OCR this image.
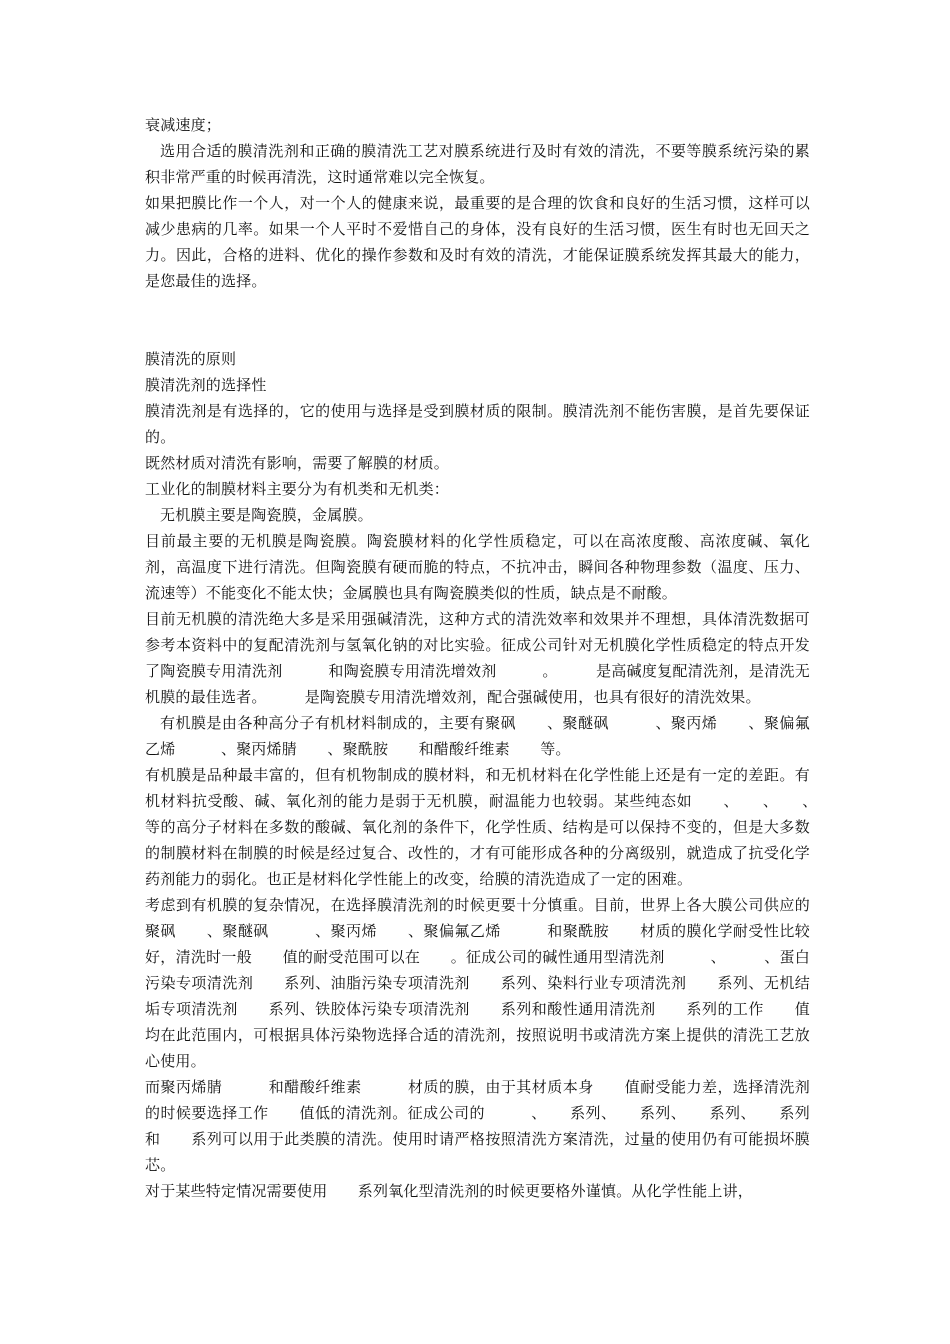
衰减速度；

选用合适的膜清洗剂和正确的膜清洗工艺对膜系统进行及时有效的清洗，不要等膜系统污染的累积非常严重的时候再清洗，这时通常难以完全恢复。

如果把膜比作一个人，对一个人的健康来说，最重要的是合理的饮食和良好的生活习惯，这样可以减少患病的几率。如果一个人平时不爱惜自己的身体，没有良好的生活习惯，医生有时也无回天之力。因此，合格的进料、优化的操作参数和及时有效的清洗，才能保证膜系统发挥其最大的能力，是您最佳的选择。

膜清洗的原则

膜清洗剂的选择性

膜清洗剂是有选择的，它的使用与选择是受到膜材质的限制。膜清洗剂不能伤害膜，是首先要保证的。

既然材质对清洗有影响，需要了解膜的材质。

工业化的制膜材料主要分为有机类和无机类：

无机膜主要是陶瓷膜，金属膜。

目前最主要的无机膜是陶瓷膜。陶瓷膜材料的化学性质稳定，可以在高浓度酸、高浓度碱、氧化剂，高温度下进行清洗。但陶瓷膜有硬而脆的特点，不抗冲击，瞬间各种物理参数（温度、压力、流速等）不能变化不能太快；金属膜也具有陶瓷膜类似的性质，缺点是不耐酸。

目前无机膜的清洗绝大多是采用强碱清洗，这种方式的清洗效率和效果并不理想，具体清洗数据可参考本资料中的复配清洗剂与氢氧化钠的对比实验。征成公司针对无机膜化学性质稳定的特点开发了陶瓷膜专用清洗剂　　　和陶瓷膜专用清洗增效剂　　　。　　　是高碱度复配清洗剂，是清洗无机膜的最佳选者。　　　是陶瓷膜专用清洗增效剂，配合强碱使用，也具有很好的清洗效果。

有机膜是由各种高分子有机材料制成的，主要有聚砜　　、聚醚砜　　　、聚丙烯　　、聚偏氟乙烯　　　、聚丙烯腈　　、聚酰胺　　和醋酸纤维素　　等。

有机膜是品种最丰富的，但有机物制成的膜材料，和无机材料在化学性能上还是有一定的差距。有机材料抗受酸、碱、氧化剂的能力是弱于无机膜，耐温能力也较弱。某些纯态如　　、　　、　　、　　　等的高分子材料在多数的酸碱、氧化剂的条件下，化学性质、结构是可以保持不变的，但是大多数的制膜材料在制膜的时候是经过复合、改性的，才有可能形成各种的分离级别，就造成了抗受化学药剂能力的弱化。也正是材料化学性能上的改变，给膜的清洗造成了一定的困难。

考虑到有机膜的复杂情况，在选择膜清洗剂的时候更要十分慎重。目前，世界上各大膜公司供应的聚砜　　、聚醚砜　　　、聚丙烯　　、聚偏氟乙烯　　　和聚酰胺　　材质的膜化学耐受性比较好，清洗时一般　　值的耐受范围可以在　　。征成公司的碱性通用型清洗剂　　　、　　　、蛋白污染专项清洗剂　　系列、油脂污染专项清洗剂　　系列、染料行业专项清洗剂　　系列、无机结垢专项清洗剂　　系列、铁胶体污染专项清洗剂　　系列和酸性通用清洗剂　　系列的工作　　值均在此范围内，可根据具体污染物选择合适的清洗剂，按照说明书或清洗方案上提供的清洗工艺放心使用。

而聚丙烯腈　　　和醋酸纤维素　　　材质的膜，由于其材质本身　　值耐受能力差，选择清洗剂的时候要选择工作　　值低的清洗剂。征成公司的　　　、　　系列、　　系列、　　系列、　　系列和　　系列可以用于此类膜的清洗。使用时请严格按照清洗方案清洗，过量的使用仍有可能损坏膜芯。

对于某些特定情况需要使用　　系列氧化型清洗剂的时候更要格外谨慎。从化学性能上讲，
